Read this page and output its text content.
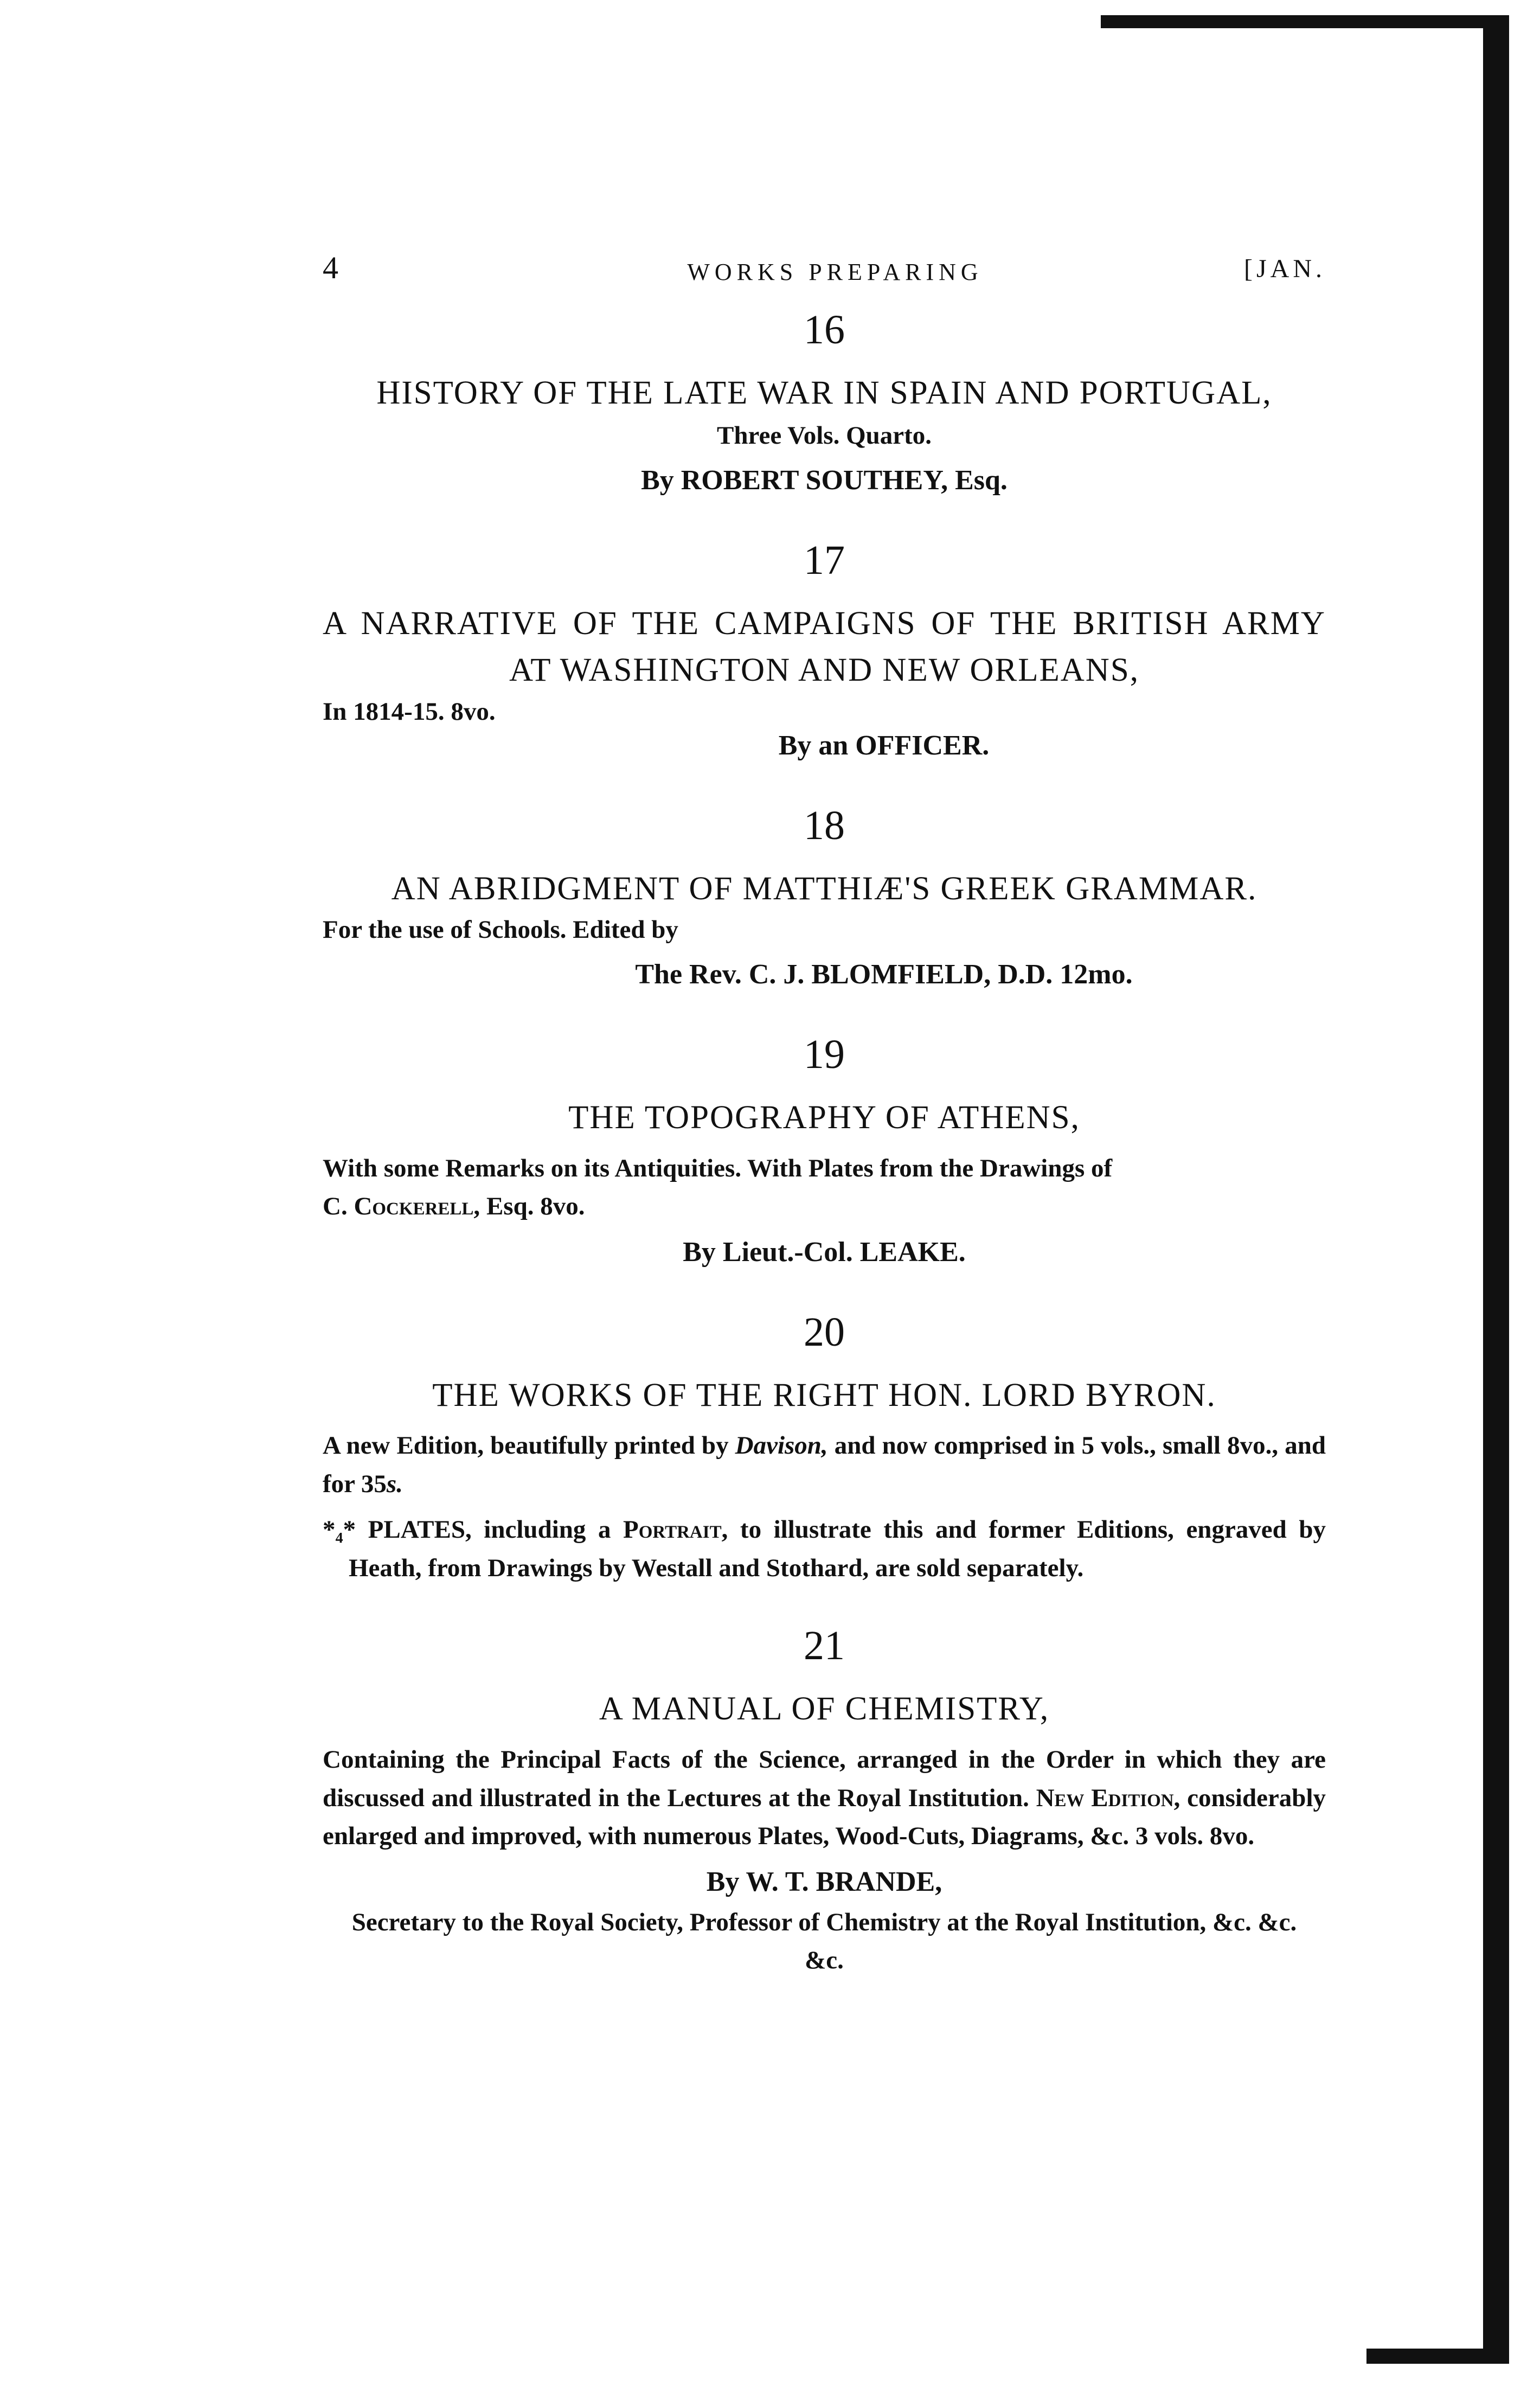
4	WORKS PREPARING	[JAN.
16
HISTORY OF THE LATE WAR IN SPAIN AND PORTUGAL,
Three Vols. Quarto.
By ROBERT SOUTHEY, Esq.
17
A NARRATIVE OF THE CAMPAIGNS OF THE BRITISH ARMY AT WASHINGTON AND NEW ORLEANS,
In 1814-15. 8vo.
By an OFFICER.
18
AN ABRIDGMENT OF MATTHIÆ'S GREEK GRAMMAR.
For the use of Schools. Edited by
The Rev. C. J. BLOMFIELD, D.D. 12mo.
19
THE TOPOGRAPHY OF ATHENS,
With some Remarks on its Antiquities. With Plates from the Drawings of
C. Cockerell, Esq. 8vo.
By Lieut.-Col. LEAKE.
20
THE WORKS OF THE RIGHT HON. LORD BYRON.
A new Edition, beautifully printed by Davison, and now comprised in 5 vols., small 8vo., and for 35s.
*₄* PLATES, including a Portrait, to illustrate this and former Editions, engraved by Heath, from Drawings by Westall and Stothard, are sold separately.
21
A MANUAL OF CHEMISTRY,
Containing the Principal Facts of the Science, arranged in the Order in which they are discussed and illustrated in the Lectures at the Royal Institution. New Edition, considerably enlarged and improved, with numerous Plates, Wood-Cuts, Diagrams, &c. 3 vols. 8vo.
By W. T. BRANDE,
Secretary to the Royal Society, Professor of Chemistry at the Royal Institution, &c. &c. &c.
